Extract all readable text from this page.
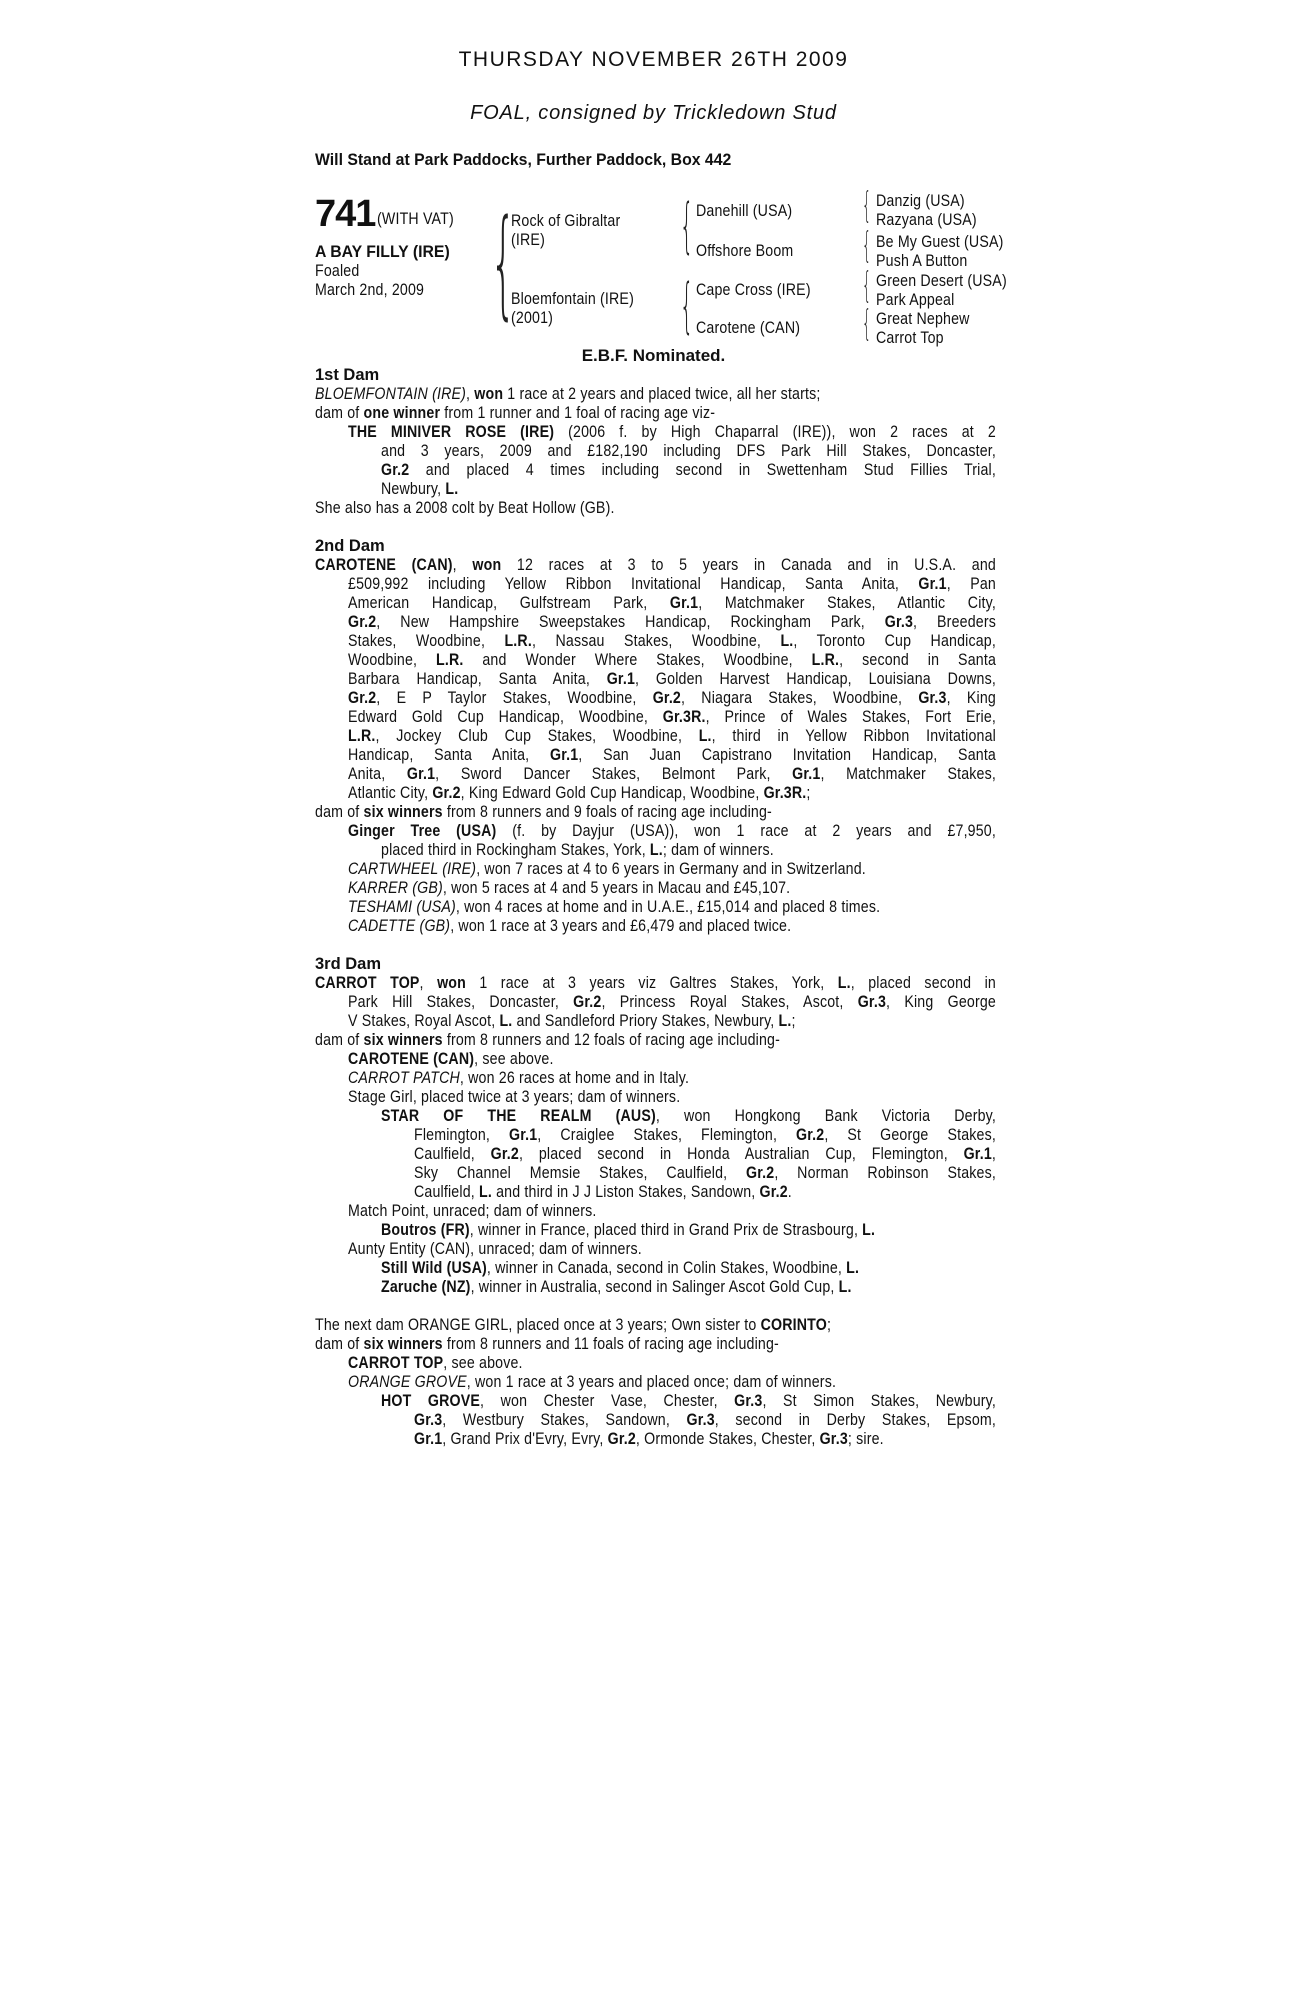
THURSDAY NOVEMBER 26TH 2009
FOAL, consigned by Trickledown Stud
Will Stand at Park Paddocks, Further Paddock, Box 442
741 (WITH VAT)
A BAY FILLY (IRE)
Foaled
March 2nd, 2009 {
Rock of Gibraltar
(IRE)
Bloemfontain (IRE)
(2001)
{
{
Danehill (USA)
Offshore Boom
Cape Cross (IRE)
Carotene (CAN)
{
{
{
{
Danzig (USA)
Razyana (USA)
Be My Guest (USA)
Push A Button
Green Desert (USA)
Park Appeal
Great Nephew
Carrot Top
E.B.F. Nominated.
1st Dam
BLOEMFONTAIN (IRE), won 1 race at 2 years and placed twice, all her starts;
dam of one winner from 1 runner and 1 foal of racing age viz-
THE MINIVER ROSE (IRE) (2006 f. by High Chaparral (IRE)), won 2 races at 2
and 3 years, 2009 and £182,190 including DFS Park Hill Stakes, Doncaster,
Gr.2 and placed 4 times including second in Swettenham Stud Fillies Trial,
Newbury, L.
She also has a 2008 colt by Beat Hollow (GB).
2nd Dam
CAROTENE (CAN), won 12 races at 3 to 5 years in Canada and in U.S.A. and
£509,992 including Yellow Ribbon Invitational Handicap, Santa Anita, Gr.1, Pan
American Handicap, Gulfstream Park, Gr.1, Matchmaker Stakes, Atlantic City,
Gr.2, New Hampshire Sweepstakes Handicap, Rockingham Park, Gr.3, Breeders
Stakes, Woodbine, L.R., Nassau Stakes, Woodbine, L., Toronto Cup Handicap,
Woodbine, L.R. and Wonder Where Stakes, Woodbine, L.R., second in Santa
Barbara Handicap, Santa Anita, Gr.1, Golden Harvest Handicap, Louisiana Downs,
Gr.2, E P Taylor Stakes, Woodbine, Gr.2, Niagara Stakes, Woodbine, Gr.3, King
Edward Gold Cup Handicap, Woodbine, Gr.3R., Prince of Wales Stakes, Fort Erie,
L.R., Jockey Club Cup Stakes, Woodbine, L., third in Yellow Ribbon Invitational
Handicap, Santa Anita, Gr.1, San Juan Capistrano Invitation Handicap, Santa
Anita, Gr.1, Sword Dancer Stakes, Belmont Park, Gr.1, Matchmaker Stakes,
Atlantic City, Gr.2, King Edward Gold Cup Handicap, Woodbine, Gr.3R.;
dam of six winners from 8 runners and 9 foals of racing age including-
Ginger Tree (USA) (f. by Dayjur (USA)), won 1 race at 2 years and £7,950,
placed third in Rockingham Stakes, York, L.; dam of winners.
CARTWHEEL (IRE), won 7 races at 4 to 6 years in Germany and in Switzerland.
KARRER (GB), won 5 races at 4 and 5 years in Macau and £45,107.
TESHAMI (USA), won 4 races at home and in U.A.E., £15,014 and placed 8 times.
CADETTE (GB), won 1 race at 3 years and £6,479 and placed twice.
3rd Dam
CARROT TOP, won 1 race at 3 years viz Galtres Stakes, York, L., placed second in
Park Hill Stakes, Doncaster, Gr.2, Princess Royal Stakes, Ascot, Gr.3, King George
V Stakes, Royal Ascot, L. and Sandleford Priory Stakes, Newbury, L.;
dam of six winners from 8 runners and 12 foals of racing age including-
CAROTENE (CAN), see above.
CARROT PATCH, won 26 races at home and in Italy.
Stage Girl, placed twice at 3 years; dam of winners.
STAR OF THE REALM (AUS), won Hongkong Bank Victoria Derby,
Flemington, Gr.1, Craiglee Stakes, Flemington, Gr.2, St George Stakes,
Caulfield, Gr.2, placed second in Honda Australian Cup, Flemington, Gr.1,
Sky Channel Memsie Stakes, Caulfield, Gr.2, Norman Robinson Stakes,
Caulfield, L. and third in J J Liston Stakes, Sandown, Gr.2.
Match Point, unraced; dam of winners.
Boutros (FR), winner in France, placed third in Grand Prix de Strasbourg, L.
Aunty Entity (CAN), unraced; dam of winners.
Still Wild (USA), winner in Canada, second in Colin Stakes, Woodbine, L.
Zaruche (NZ), winner in Australia, second in Salinger Ascot Gold Cup, L.
The next dam ORANGE GIRL, placed once at 3 years; Own sister to CORINTO;
dam of six winners from 8 runners and 11 foals of racing age including-
CARROT TOP, see above.
ORANGE GROVE, won 1 race at 3 years and placed once; dam of winners.
HOT GROVE, won Chester Vase, Chester, Gr.3, St Simon Stakes, Newbury,
Gr.3, Westbury Stakes, Sandown, Gr.3, second in Derby Stakes, Epsom,
Gr.1, Grand Prix d'Evry, Evry, Gr.2, Ormonde Stakes, Chester, Gr.3; sire.
